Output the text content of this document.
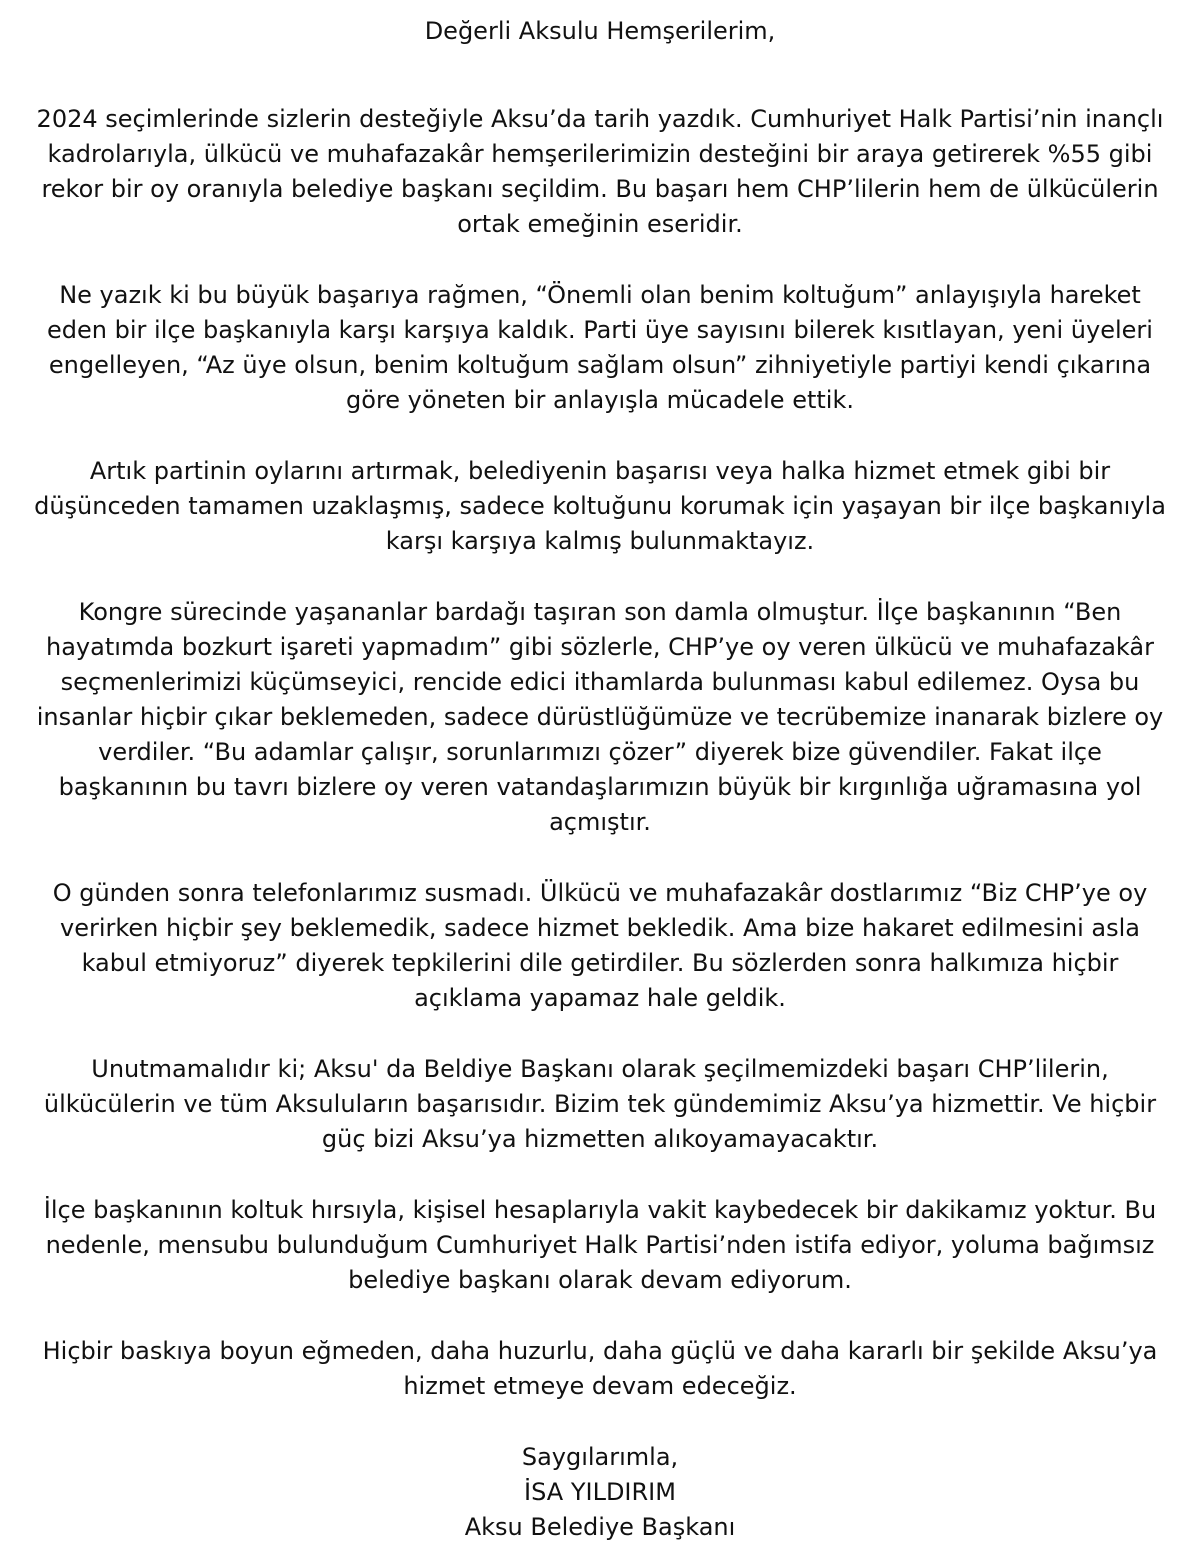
Değerli Aksulu Hemşerilerim,

2024 seçimlerinde sizlerin desteğiyle Aksu’da tarih yazdık. Cumhuriyet Halk Partisi’nin inançlı kadrolarıyla, ülkücü ve muhafazakâr hemşerilerimizin desteğini bir araya getirerek %55 gibi rekor bir oy oranıyla belediye başkanı seçildim. Bu başarı hem CHP’lilerin hem de ülkücülerin ortak emeğinin eseridir.

Ne yazık ki bu büyük başarıya rağmen, “Önemli olan benim koltuğum” anlayışıyla hareket eden bir ilçe başkanıyla karşı karşıya kaldık. Parti üye sayısını bilerek kısıtlayan, yeni üyeleri engelleyen, “Az üye olsun, benim koltuğum sağlam olsun” zihniyetiyle partiyi kendi çıkarına göre yöneten bir anlayışla mücadele ettik.

Artık partinin oylarını artırmak, belediyenin başarısı veya halka hizmet etmek gibi bir düşünceden tamamen uzaklaşmış, sadece koltuğunu korumak için yaşayan bir ilçe başkanıyla karşı karşıya kalmış bulunmaktayız.

Kongre sürecinde yaşananlar bardağı taşıran son damla olmuştur. İlçe başkanının “Ben hayatımda bozkurt işareti yapmadım” gibi sözlerle, CHP’ye oy veren ülkücü ve muhafazakâr seçmenlerimizi küçümseyici, rencide edici ithamlarda bulunması kabul edilemez. Oysa bu insanlar hiçbir çıkar beklemeden, sadece dürüstlüğümüze ve tecrübemize inanarak bizlere oy verdiler. “Bu adamlar çalışır, sorunlarımızı çözer” diyerek bize güvendiler. Fakat ilçe başkanının bu tavrı bizlere oy veren vatandaşlarımızın büyük bir kırgınlığa uğramasına yol açmıştır.

O günden sonra telefonlarımız susmadı. Ülkücü ve muhafazakâr dostlarımız “Biz CHP’ye oy verirken hiçbir şey beklemedik, sadece hizmet bekledik. Ama bize hakaret edilmesini asla kabul etmiyoruz” diyerek tepkilerini dile getirdiler. Bu sözlerden sonra halkımıza hiçbir açıklama yapamaz hale geldik.

Unutmamalıdır ki; Aksu' da Beldiye Başkanı olarak şeçilmemizdeki başarı CHP’lilerin, ülkücülerin ve tüm Aksuluların başarısıdır. Bizim tek gündemimiz Aksu’ya hizmettir. Ve hiçbir güç bizi Aksu’ya hizmetten alıkoyamayacaktır.

İlçe başkanının koltuk hırsıyla, kişisel hesaplarıyla vakit kaybedecek bir dakikamız yoktur. Bu nedenle, mensubu bulunduğum Cumhuriyet Halk Partisi’nden istifa ediyor, yoluma bağımsız belediye başkanı olarak devam ediyorum.

Hiçbir baskıya boyun eğmeden, daha huzurlu, daha güçlü ve daha kararlı bir şekilde Aksu’ya hizmet etmeye devam edeceğiz.

Saygılarımla,

İSA YILDIRIM

Aksu Belediye Başkanı
